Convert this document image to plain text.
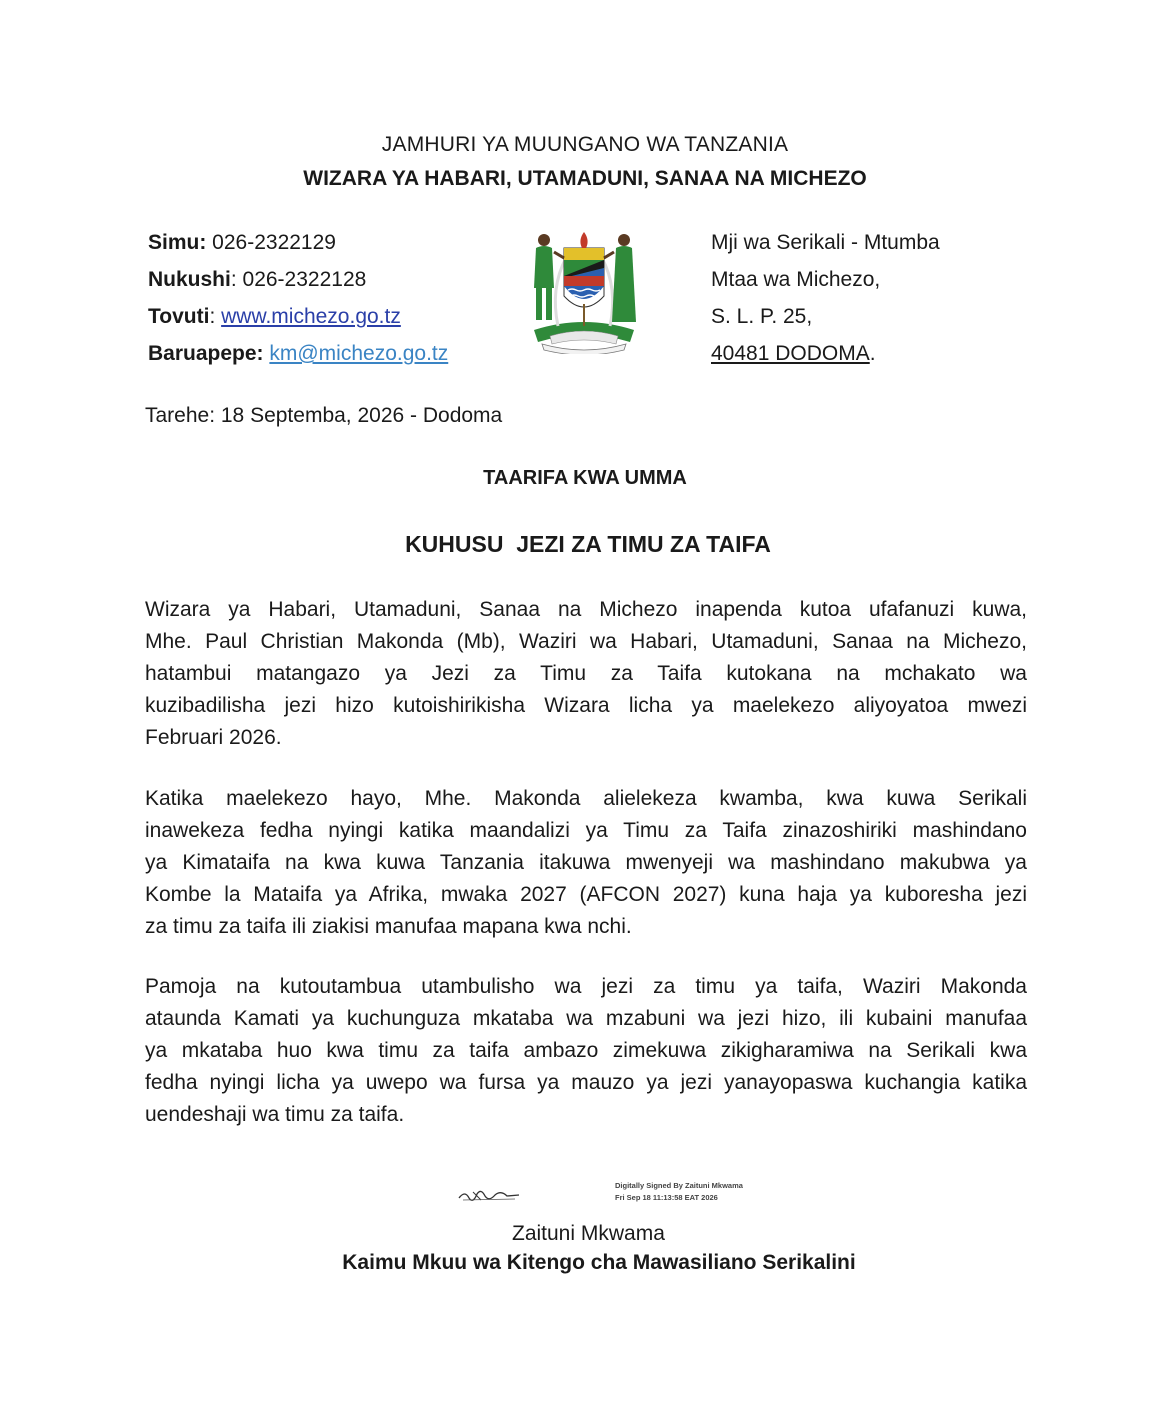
JAMHURI YA MUUNGANO WA TANZANIA
WIZARA YA HABARI, UTAMADUNI, SANAA NA MICHEZO
Simu: 026-2322129
Nukushi: 026-2322128
Tovuti: www.michezo.go.tz
Baruapepe: km@michezo.go.tz
Mji wa Serikali - Mtumba
Mtaa wa Michezo,
S. L. P. 25,
40481 DODOMA.
Tarehe: 18 Septemba, 2026 - Dodoma
TAARIFA KWA UMMA
KUHUSU  JEZI ZA TIMU ZA TAIFA
Wizara ya Habari, Utamaduni, Sanaa na Michezo inapenda kutoa ufafanuzi kuwa,
Mhe. Paul Christian Makonda (Mb), Waziri wa Habari, Utamaduni, Sanaa na Michezo,
hatambui matangazo ya Jezi za Timu za Taifa kutokana na mchakato wa
kuzibadilisha jezi hizo kutoishirikisha Wizara licha ya maelekezo aliyoyatoa mwezi
Februari 2026.
Katika maelekezo hayo, Mhe. Makonda alielekeza kwamba, kwa kuwa Serikali
inawekeza fedha nyingi katika maandalizi ya Timu za Taifa zinazoshiriki mashindano
ya Kimataifa na kwa kuwa Tanzania itakuwa mwenyeji wa mashindano makubwa ya
Kombe la Mataifa ya Afrika, mwaka 2027 (AFCON 2027) kuna haja ya kuboresha jezi
za timu za taifa ili ziakisi manufaa mapana kwa nchi.
Pamoja na kutoutambua utambulisho wa jezi za timu ya taifa, Waziri Makonda
ataunda Kamati ya kuchunguza mkataba wa mzabuni wa jezi hizo, ili kubaini manufaa
ya mkataba huo kwa timu za taifa ambazo zimekuwa zikigharamiwa na Serikali kwa
fedha nyingi licha ya uwepo wa fursa ya mauzo ya jezi yanayopaswa kuchangia katika
uendeshaji wa timu za taifa.
Digitally Signed By Zaituni Mkwama
Fri Sep 18 11:13:58 EAT 2026
Zaituni Mkwama
Kaimu Mkuu wa Kitengo cha Mawasiliano Serikalini
